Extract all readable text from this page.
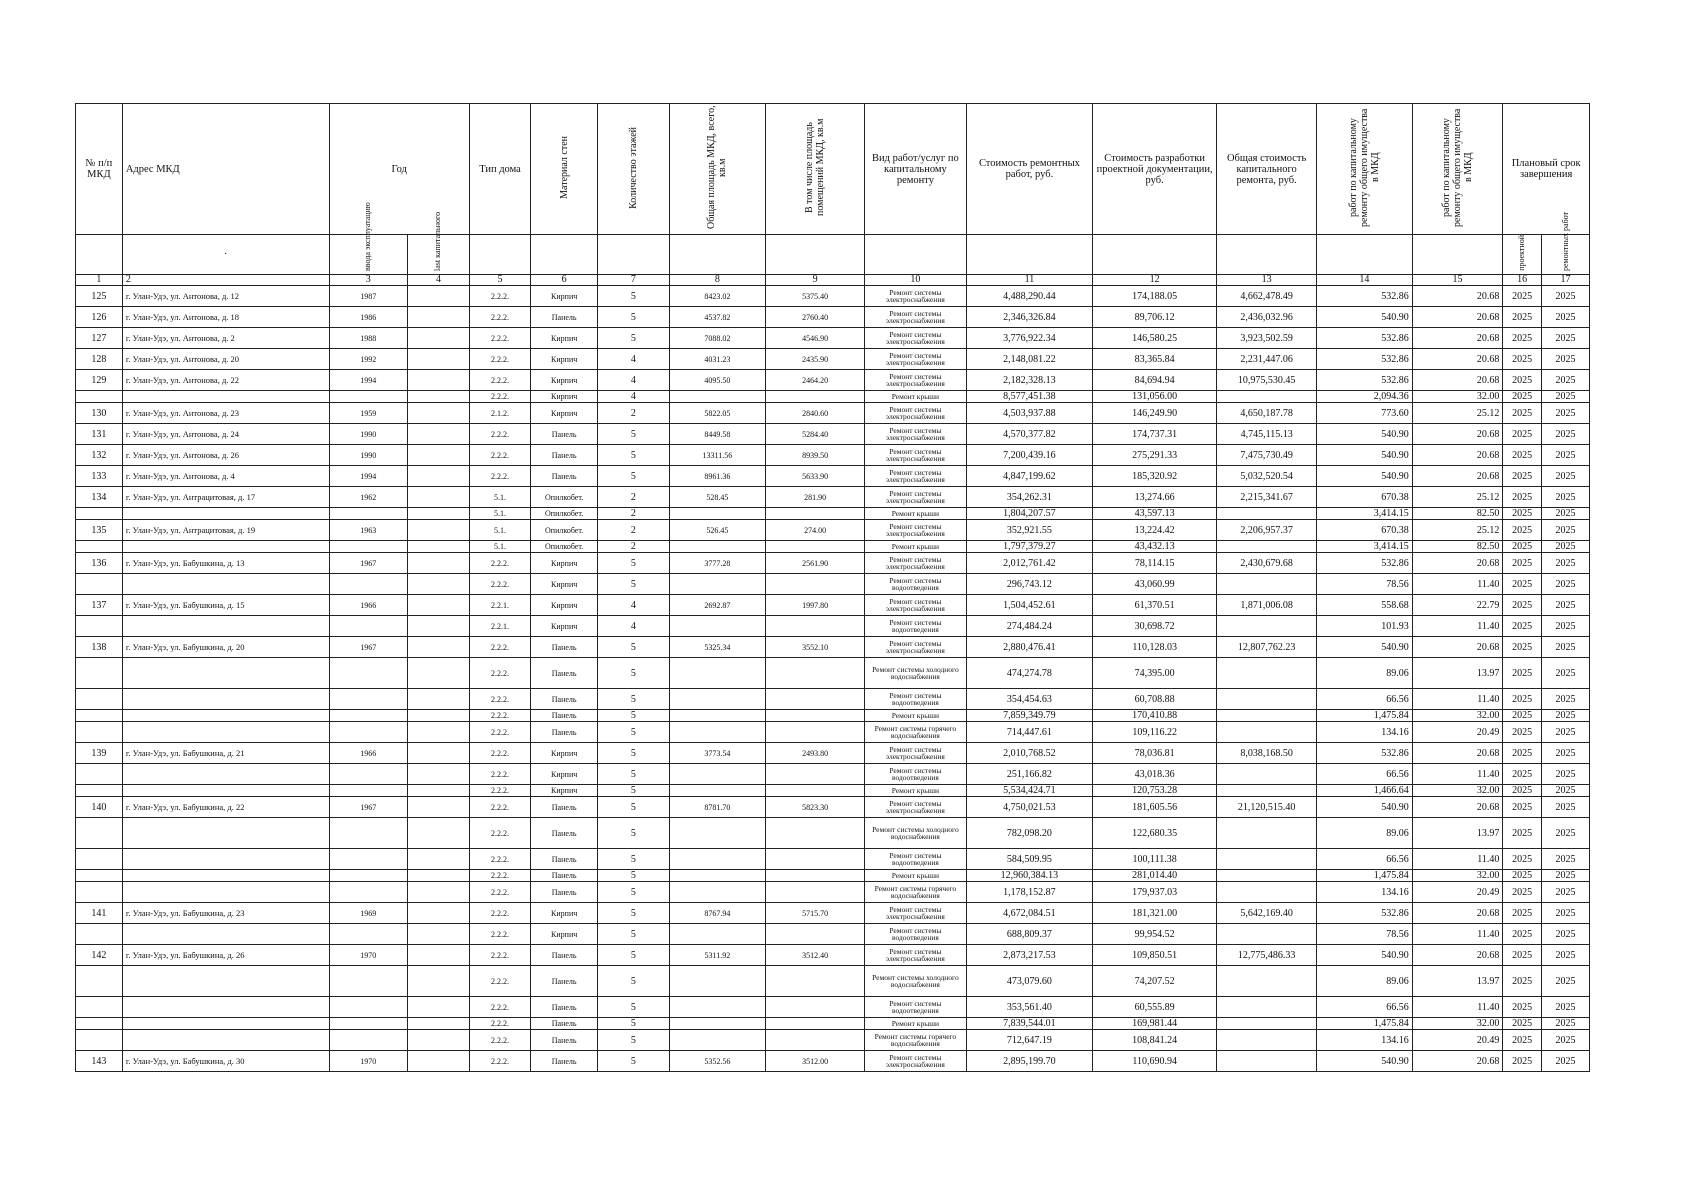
№ п/п МКД	Адрес МКД	Год		Тип дома	Материал стен	Количество этажей	Общая площадь МКД, всего, кв.м	В том числе площадь помещений МКД, кв.м	Вид работ/услуг по капитальному ремонту	Стоимость ремонтных работ, руб.	Стоимость разработки проектной документации, руб.	Общая стоимость капитального ремонта, руб.	работ по капитальному ремонту общего имущества в МКД	работ по капитальному ремонту общего имущества в МКД	Плановый срок завершения	
	·	ввода эксплуатацию	last капитального												проектной	ремонтных работ
1	2	3	4	5	6	7	8	9	10	11	12	13	14	15	16	17
125	г. Улан-Удэ, ул. Антонова, д. 12	1987		2.2.2.	Кирпич	5	8423.02	5375.40	Ремонт системы электроснабжения	4,488,290.44	174,188.05	4,662,478.49	532.86	20.68	2025	2025
126	г. Улан-Удэ, ул. Антонова, д. 18	1986		2.2.2.	Панель	5	4537.82	2760.40	Ремонт системы электроснабжения	2,346,326.84	89,706.12	2,436,032.96	540.90	20.68	2025	2025
127	г. Улан-Удэ, ул. Антонова, д. 2	1988		2.2.2.	Кирпич	5	7088.02	4546.90	Ремонт системы электроснабжения	3,776,922.34	146,580.25	3,923,502.59	532.86	20.68	2025	2025
128	г. Улан-Удэ, ул. Антонова, д. 20	1992		2.2.2.	Кирпич	4	4031.23	2435.90	Ремонт системы электроснабжения	2,148,081.22	83,365.84	2,231,447.06	532.86	20.68	2025	2025
129	г. Улан-Удэ, ул. Антонова, д. 22	1994		2.2.2.	Кирпич	4	4095.50	2464.20	Ремонт системы электроснабжения	2,182,328.13	84,694.94	10,975,530.45	532.86	20.68	2025	2025
				2.2.2.	Кирпич	4			Ремонт крыши	8,577,451.38	131,056.00		2,094.36	32.00	2025	2025
130	г. Улан-Удэ, ул. Антонова, д. 23	1959		2.1.2.	Кирпич	2	5822.05	2840.60	Ремонт системы электроснабжения	4,503,937.88	146,249.90	4,650,187.78	773.60	25.12	2025	2025
131	г. Улан-Удэ, ул. Антонова, д. 24	1990		2.2.2.	Панель	5	8449.58	5284.40	Ремонт системы электроснабжения	4,570,377.82	174,737.31	4,745,115.13	540.90	20.68	2025	2025
132	г. Улан-Удэ, ул. Антонова, д. 26	1990		2.2.2.	Панель	5	13311.56	8939.50	Ремонт системы электроснабжения	7,200,439.16	275,291.33	7,475,730.49	540.90	20.68	2025	2025
133	г. Улан-Удэ, ул. Антонова, д. 4	1994		2.2.2.	Панель	5	8961.36	5633.90	Ремонт системы электроснабжения	4,847,199.62	185,320.92	5,032,520.54	540.90	20.68	2025	2025
134	г. Улан-Удэ, ул. Антрацитовая, д. 17	1962		5.1.	Опилкобет.	2	528.45	281.90	Ремонт системы электроснабжения	354,262.31	13,274.66	2,215,341.67	670.38	25.12	2025	2025
				5.1.	Опилкобет.	2			Ремонт крыши	1,804,207.57	43,597.13		3,414.15	82.50	2025	2025
135	г. Улан-Удэ, ул. Антрацитовая, д. 19	1963		5.1.	Опилкобет.	2	526.45	274.00	Ремонт системы электроснабжения	352,921.55	13,224.42	2,206,957.37	670.38	25.12	2025	2025
				5.1.	Опилкобет.	2			Ремонт крыши	1,797,379.27	43,432.13		3,414.15	82.50	2025	2025
136	г. Улан-Удэ, ул. Бабушкина, д. 13	1967		2.2.2.	Кирпич	5	3777.28	2561.90	Ремонт системы электроснабжения	2,012,761.42	78,114.15	2,430,679.68	532.86	20.68	2025	2025
				2.2.2.	Кирпич	5			Ремонт системы водоотведения	296,743.12	43,060.99		78.56	11.40	2025	2025
137	г. Улан-Удэ, ул. Бабушкина, д. 15	1966		2.2.1.	Кирпич	4	2692.87	1997.80	Ремонт системы электроснабжения	1,504,452.61	61,370.51	1,871,006.08	558.68	22.79	2025	2025
				2.2.1.	Кирпич	4			Ремонт системы водоотведения	274,484.24	30,698.72		101.93	11.40	2025	2025
138	г. Улан-Удэ, ул. Бабушкина, д. 20	1967		2.2.2.	Панель	5	5325.34	3552.10	Ремонт системы электроснабжения	2,880,476.41	110,128.03	12,807,762.23	540.90	20.68	2025	2025
				2.2.2.	Панель	5			Ремонт системы холодного водоснабжения	474,274.78	74,395.00		89.06	13.97	2025	2025
				2.2.2.	Панель	5			Ремонт системы водоотведения	354,454.63	60,708.88		66.56	11.40	2025	2025
				2.2.2.	Панель	5			Ремонт крыши	7,859,349.79	170,410.88		1,475.84	32.00	2025	2025
				2.2.2.	Панель	5			Ремонт системы горячего водоснабжения	714,447.61	109,116.22		134.16	20.49	2025	2025
139	г. Улан-Удэ, ул. Бабушкина, д. 21	1966		2.2.2.	Кирпич	5	3773.54	2493.80	Ремонт системы электроснабжения	2,010,768.52	78,036.81	8,038,168.50	532.86	20.68	2025	2025
				2.2.2.	Кирпич	5			Ремонт системы водоотведения	251,166.82	43,018.36		66.56	11.40	2025	2025
				2.2.2.	Кирпич	5			Ремонт крыши	5,534,424.71	120,753.28		1,466.64	32.00	2025	2025
140	г. Улан-Удэ, ул. Бабушкина, д. 22	1967		2.2.2.	Панель	5	8781.70	5823.30	Ремонт системы электроснабжения	4,750,021.53	181,605.56	21,120,515.40	540.90	20.68	2025	2025
				2.2.2.	Панель	5			Ремонт системы холодного водоснабжения	782,098.20	122,680.35		89.06	13.97	2025	2025
				2.2.2.	Панель	5			Ремонт системы водоотведения	584,509.95	100,111.38		66.56	11.40	2025	2025
				2.2.2.	Панель	5			Ремонт крыши	12,960,384.13	281,014.40		1,475.84	32.00	2025	2025
				2.2.2.	Панель	5			Ремонт системы горячего водоснабжения	1,178,152.87	179,937.03		134.16	20.49	2025	2025
141	г. Улан-Удэ, ул. Бабушкина, д. 23	1969		2.2.2.	Кирпич	5	8767.94	5715.70	Ремонт системы электроснабжения	4,672,084.51	181,321.00	5,642,169.40	532.86	20.68	2025	2025
				2.2.2.	Кирпич	5			Ремонт системы водоотведения	688,809.37	99,954.52		78.56	11.40	2025	2025
142	г. Улан-Удэ, ул. Бабушкина, д. 26	1970		2.2.2.	Панель	5	5311.92	3512.40	Ремонт системы электроснабжения	2,873,217.53	109,850.51	12,775,486.33	540.90	20.68	2025	2025
				2.2.2.	Панель	5			Ремонт системы холодного водоснабжения	473,079.60	74,207.52		89.06	13.97	2025	2025
				2.2.2.	Панель	5			Ремонт системы водоотведения	353,561.40	60,555.89		66.56	11.40	2025	2025
				2.2.2.	Панель	5			Ремонт крыши	7,839,544.01	169,981.44		1,475.84	32.00	2025	2025
				2.2.2.	Панель	5			Ремонт системы горячего водоснабжения	712,647.19	108,841.24		134.16	20.49	2025	2025
143	г. Улан-Удэ, ул. Бабушкина, д. 30	1970		2.2.2.	Панель	5	5352.56	3512.00	Ремонт системы электроснабжения	2,895,199.70	110,690.94		540.90	20.68	2025	2025
